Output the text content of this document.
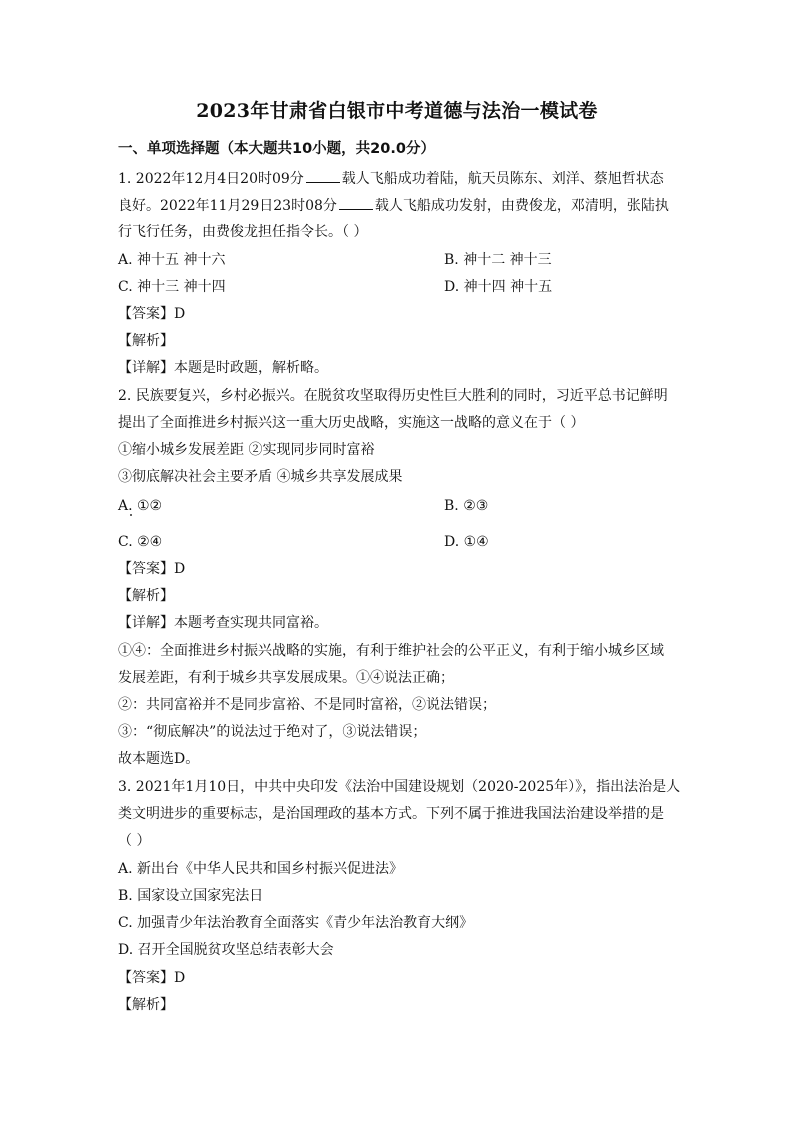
2023年甘肃省白银市中考道德与法治一模试卷
一、单项选择题（本大题共10小题，共20.0分）
1. 2022年12月4日20时09分	载人飞船成功着陆，航天员陈东、刘洋、蔡旭哲状态
良好。2022年11月29日23时08分	载人飞船成功发射，由费俊龙，邓清明，张陆执
行飞行任务，由费俊龙担任指令长。（ ）
A. 神十五 神十六	B. 神十二 神十三
C. 神十三 神十四	D. 神十四 神十五
【答案】D
【解析】
【详解】本题是时政题，解析略。
2. 民族要复兴，乡村必振兴。在脱贫攻坚取得历史性巨大胜利的同时，习近平总书记鲜明
提出了全面推进乡村振兴这一重大历史战略，实施这一战略的意义在于（ ）
①缩小城乡发展差距 ②实现同步同时富裕
③彻底解决社会主要矛盾 ④城乡共享发展成果
A. ①②	B. ②③
C. ②④	D. ①④
【答案】D
【解析】
【详解】本题考查实现共同富裕。
①④：全面推进乡村振兴战略的实施，有利于维护社会的公平正义，有利于缩小城乡区域
发展差距，有利于城乡共享发展成果。①④说法正确；
②：共同富裕并不是同步富裕、不是同时富裕，②说法错误；
③：“彻底解决”的说法过于绝对了，③说法错误；
故本题选D。
3. 2021年1月10日，中共中央印发《法治中国建设规划（2020-2025年）》，指出法治是人
类文明进步的重要标志，是治国理政的基本方式。下列不属于推进我国法治建设举措的是
（ ）
A. 新出台《中华人民共和国乡村振兴促进法》
B. 国家设立国家宪法日
C. 加强青少年法治教育全面落实《青少年法治教育大纲》
D. 召开全国脱贫攻坚总结表彰大会
【答案】D
【解析】
